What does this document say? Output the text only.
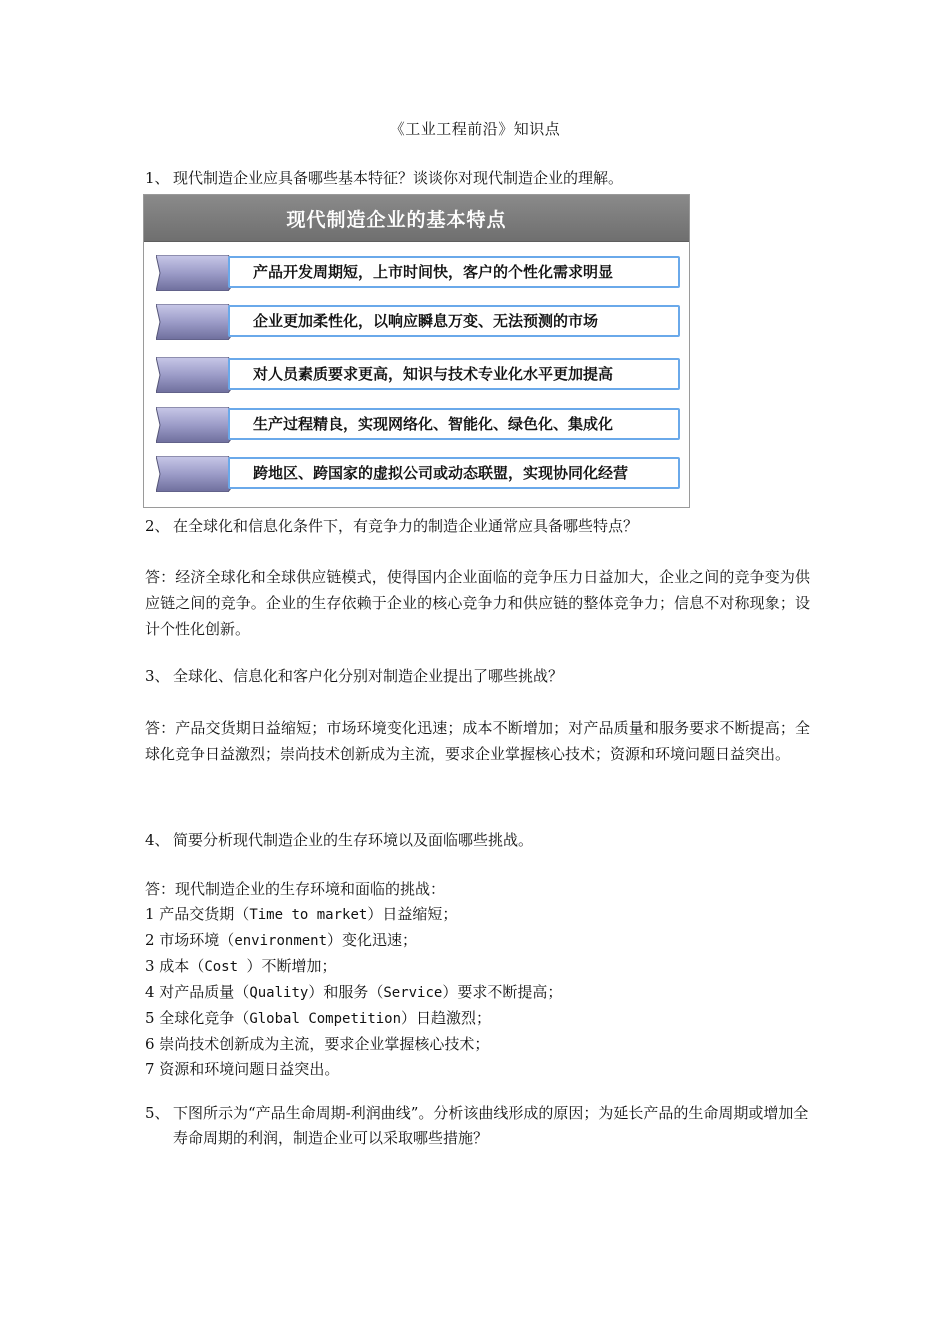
《工业工程前沿》知识点
1、 现代制造企业应具备哪些基本特征？谈谈你对现代制造企业的理解。
现代制造企业的基本特点
产品开发周期短，上市时间快，客户的个性化需求明显
企业更加柔性化，以响应瞬息万变、无法预测的市场
对人员素质要求更高，知识与技术专业化水平更加提高
生产过程精良，实现网络化、智能化、绿色化、集成化
跨地区、跨国家的虚拟公司或动态联盟，实现协同化经营
2、 在全球化和信息化条件下，有竞争力的制造企业通常应具备哪些特点？
答：经济全球化和全球供应链模式，使得国内企业面临的竞争压力日益加大，企业之间的竞争变为供应链之间的竞争。企业的生存依赖于企业的核心竞争力和供应链的整体竞争力；信息不对称现象；设计个性化创新。
3、 全球化、信息化和客户化分别对制造企业提出了哪些挑战？
答：产品交货期日益缩短；市场环境变化迅速；成本不断增加；对产品质量和服务要求不断提高；全球化竞争日益激烈；崇尚技术创新成为主流，要求企业掌握核心技术；资源和环境问题日益突出。
4、 简要分析现代制造企业的生存环境以及面临哪些挑战。
答：现代制造企业的生存环境和面临的挑战：
1 产品交货期（Time to market）日益缩短；
2 市场环境（environment）变化迅速；
3 成本（Cost ）不断增加；
4 对产品质量（Quality）和服务（Service）要求不断提高；
5 全球化竞争（Global Competition）日趋激烈；
6 崇尚技术创新成为主流，要求企业掌握核心技术；
7 资源和环境问题日益突出。
5、 下图所示为“产品生命周期-利润曲线”。分析该曲线形成的原因；为延长产品的生命周期或增加全寿命周期的利润，制造企业可以采取哪些措施？
